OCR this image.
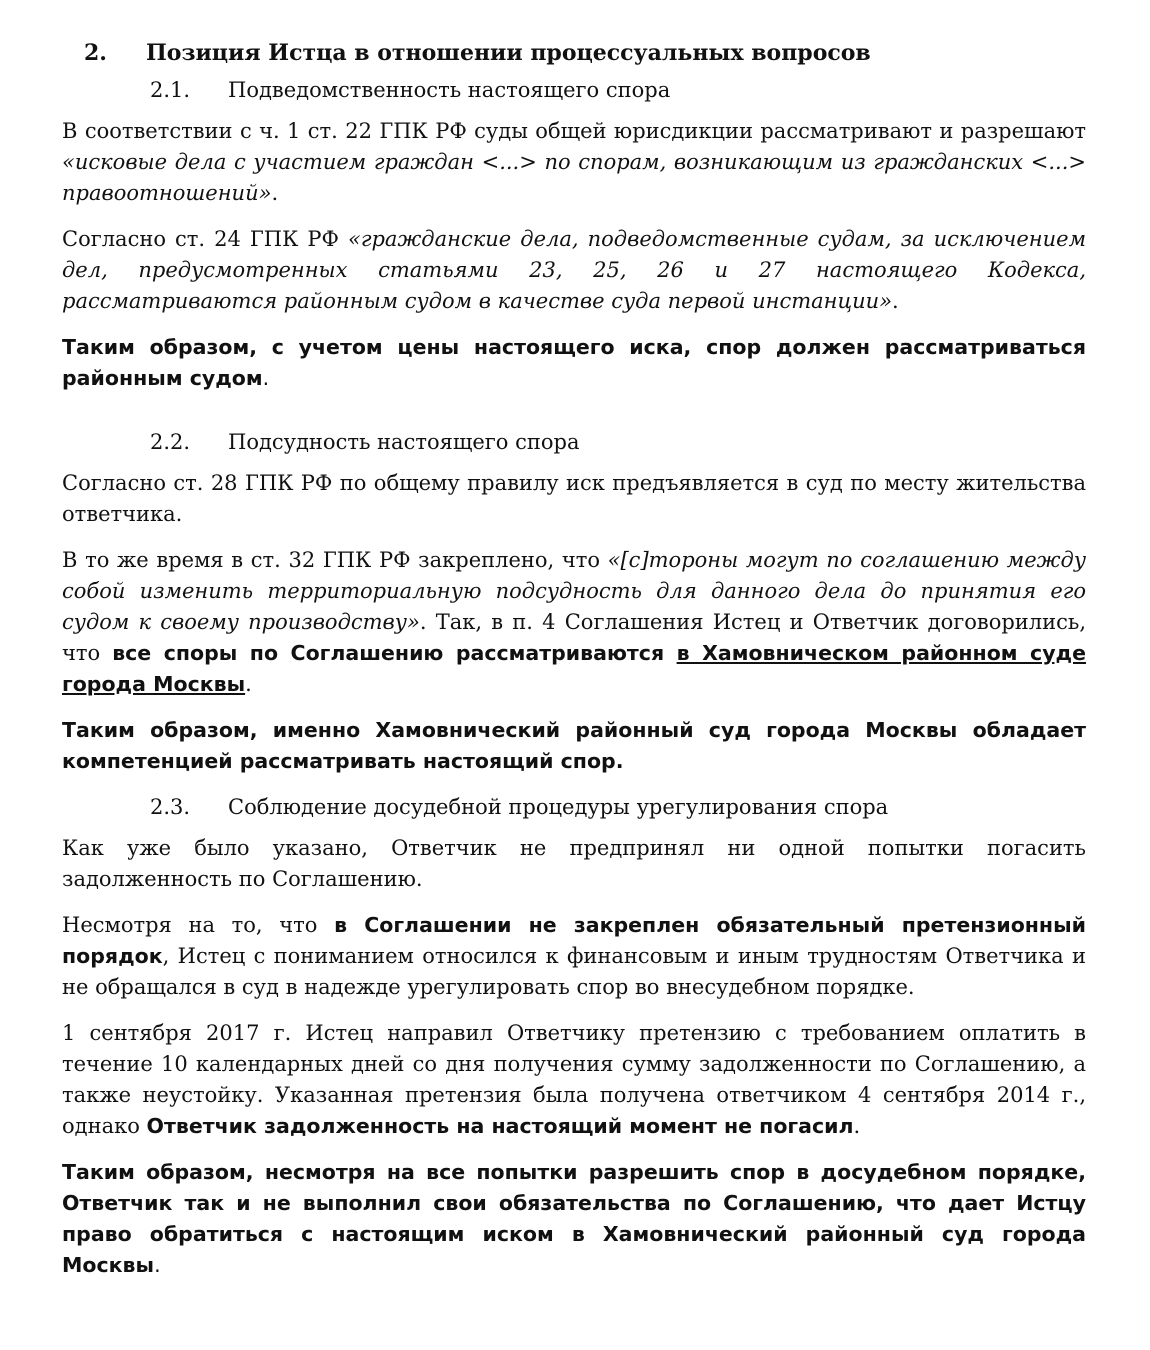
2.	Позиция Истца в отношении процессуальных вопросов
2.1.	Подведомственность настоящего спора

В соответствии с ч. 1 ст. 22 ГПК РФ суды общей юрисдикции рассматривают и разрешают «исковые дела с участием граждан <...> по спорам, возникающим из гражданских <...> правоотношений».

Согласно ст. 24 ГПК РФ «гражданские дела, подведомственные судам, за исключением дел, предусмотренных статьями 23, 25, 26 и 27 настоящего Кодекса, рассматриваются районным судом в качестве суда первой инстанции».

Таким образом, с учетом цены настоящего иска, спор должен рассматриваться районным судом.

2.2.	Подсудность настоящего спора

Согласно ст. 28 ГПК РФ по общему правилу иск предъявляется в суд по месту жительства ответчика.

В то же время в ст. 32 ГПК РФ закреплено, что «[с]тороны могут по соглашению между собой изменить территориальную подсудность для данного дела до принятия его судом к своему производству». Так, в п. 4 Соглашения Истец и Ответчик договорились, что все споры по Соглашению рассматриваются в Хамовническом районном суде города Москвы.

Таким образом, именно Хамовнический районный суд города Москвы обладает компетенцией рассматривать настоящий спор.

2.3.	Соблюдение досудебной процедуры урегулирования спора

Как уже было указано, Ответчик не предпринял ни одной попытки погасить задолженность по Соглашению.

Несмотря на то, что в Соглашении не закреплен обязательный претензионный порядок, Истец с пониманием относился к финансовым и иным трудностям Ответчика и не обращался в суд в надежде урегулировать спор во внесудебном порядке.

1 сентября 2017 г. Истец направил Ответчику претензию с требованием оплатить в течение 10 календарных дней со дня получения сумму задолженности по Соглашению, а также неустойку. Указанная претензия была получена ответчиком 4 сентября 2014 г., однако Ответчик задолженность на настоящий момент не погасил.

Таким образом, несмотря на все попытки разрешить спор в досудебном порядке, Ответчик так и не выполнил свои обязательства по Соглашению, что дает Истцу право обратиться с настоящим иском в Хамовнический районный суд города Москвы.
